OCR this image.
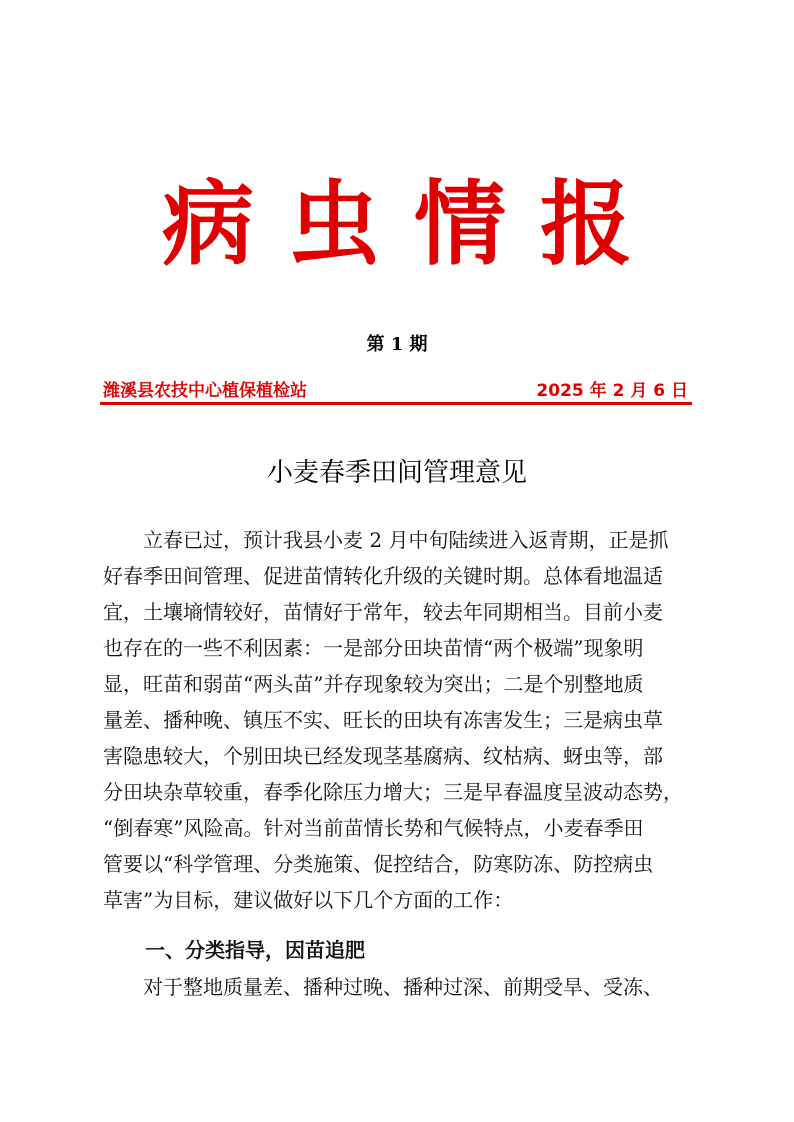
病虫情报
第 1 期
潍溪县农技中心植保植检站	2025 年 2 月 6 日
小麦春季田间管理意见
　　立春已过，预计我县小麦 2 月中旬陆续进入返青期，正是抓
好春季田间管理、促进苗情转化升级的关键时期。总体看地温适
宜，土壤墒情较好，苗情好于常年，较去年同期相当。目前小麦
也存在的一些不利因素：一是部分田块苗情“两个极端”现象明
显，旺苗和弱苗“两头苗”并存现象较为突出；二是个别整地质
量差、播种晚、镇压不实、旺长的田块有冻害发生；三是病虫草
害隐患较大，个别田块已经发现茎基腐病、纹枯病、蚜虫等，部
分田块杂草较重，春季化除压力增大；三是早春温度呈波动态势，
“倒春寒”风险高。针对当前苗情长势和气候特点，小麦春季田
管要以“科学管理、分类施策、促控结合，防寒防冻、防控病虫
草害”为目标，建议做好以下几个方面的工作：
一、分类指导，因苗追肥
　　对于整地质量差、播种过晚、播种过深、前期受旱、受冻、
